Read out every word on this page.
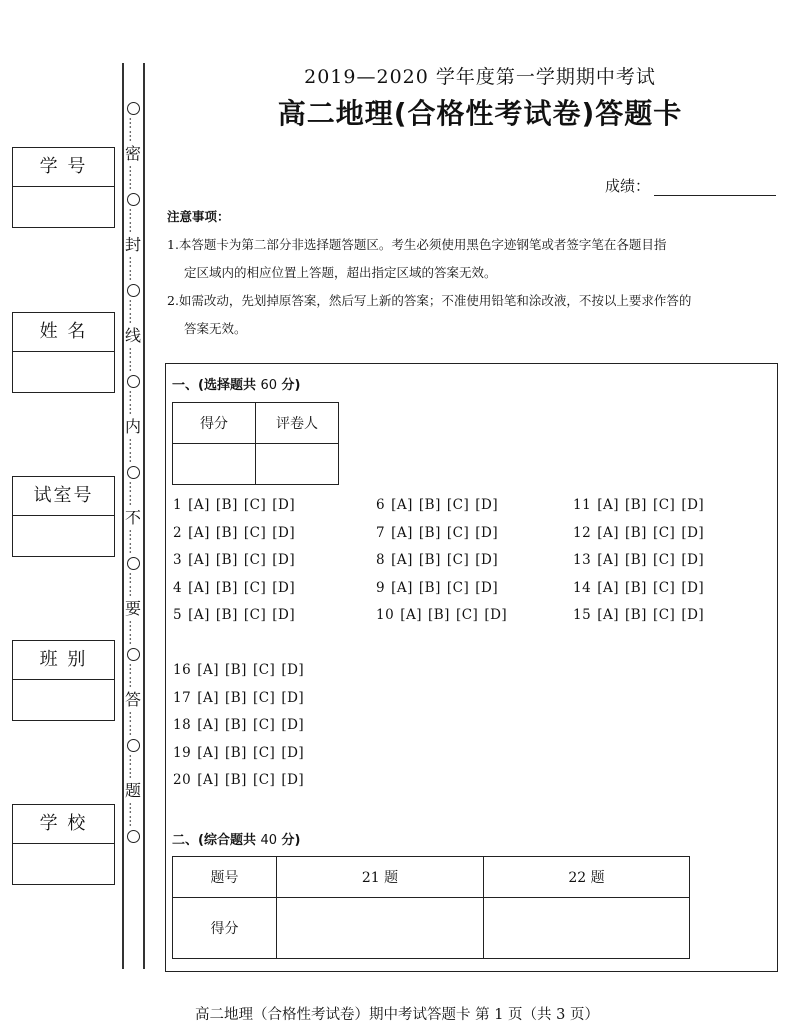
学 号
姓 名
试室号
班 别
学 校
……
密
……
……
封
……
……
线
……
……
内
……
……
不
……
……
要
……
……
答
……
……
题
……
2019—2020 学年度第一学期期中考试
高二地理(合格性考试卷)答题卡
成绩：
注意事项：
1.本答题卡为第二部分非选择题答题区。考生必须使用黑色字迹钢笔或者签字笔在各题目指
定区域内的相应位置上答题，超出指定区域的答案无效。
2.如需改动，先划掉原答案，然后写上新的答案；不准使用铅笔和涂改液，不按以上要求作答的
答案无效。
一、(选择题共 60 分)
得分	评卷人

1 [A] [B] [C] [D]
2 [A] [B] [C] [D]
3 [A] [B] [C] [D]
4 [A] [B] [C] [D]
5 [A] [B] [C] [D]
6 [A] [B] [C] [D]
7 [A] [B] [C] [D]
8 [A] [B] [C] [D]
9 [A] [B] [C] [D]
10 [A] [B] [C] [D]
11 [A] [B] [C] [D]
12 [A] [B] [C] [D]
13 [A] [B] [C] [D]
14 [A] [B] [C] [D]
15 [A] [B] [C] [D]
16 [A] [B] [C] [D]
17 [A] [B] [C] [D]
18 [A] [B] [C] [D]
19 [A] [B] [C] [D]
20 [A] [B] [C] [D]
二、(综合题共 40 分)
题号	21 题	22 题
得分		
高二地理（合格性考试卷）期中考试答题卡 第 1 页（共 3 页）
